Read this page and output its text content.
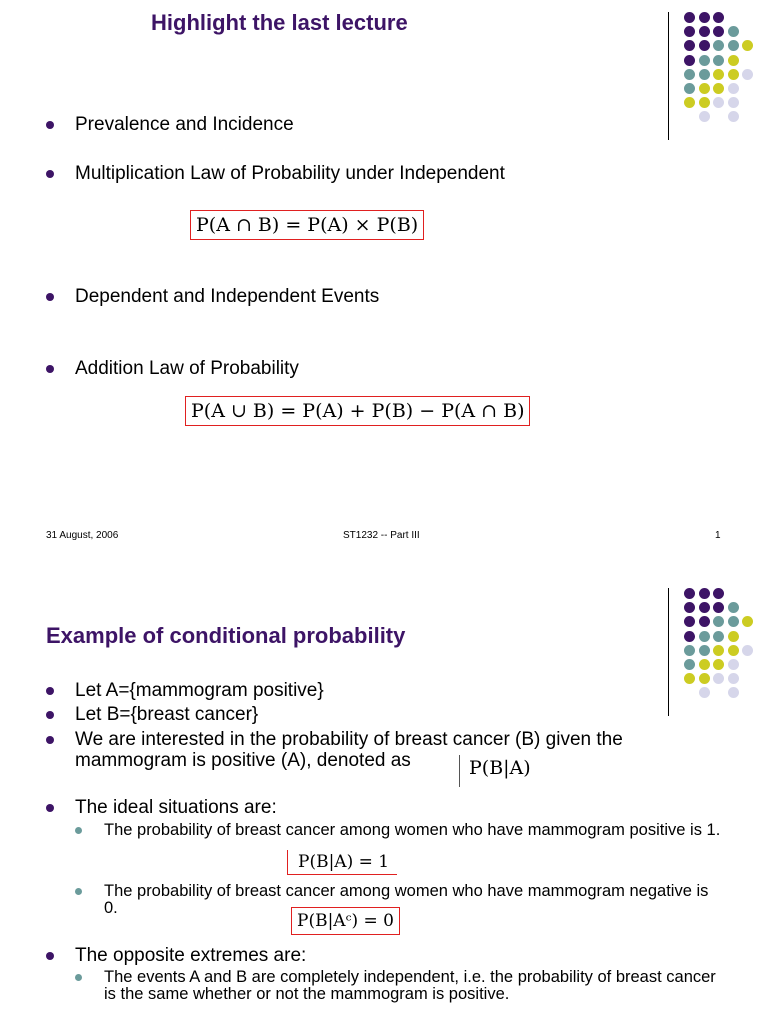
Highlight the last lecture
Prevalence and Incidence
Multiplication Law of Probability under Independent
P(A ∩ B) = P(A) × P(B)
Dependent and Independent Events
Addition Law of Probability
P(A ∪ B) = P(A) + P(B) − P(A ∩ B)
31 August, 2006	ST1232 -- Part III	1
Example of conditional probability
Let A={mammogram positive}
Let B={breast cancer}
We are interested in the probability of breast cancer (B) given the mammogram is positive (A), denoted as	P(B|A)
The ideal situations are:
The probability of breast cancer among women who have mammogram positive is 1.
P(B|A) = 1
The probability of breast cancer among women who have mammogram negative is 0.
P(B|Aᶜ) = 0
The opposite extremes are:
The events A and B are completely independent, i.e. the probability of breast cancer is the same whether or not the mammogram is positive.
